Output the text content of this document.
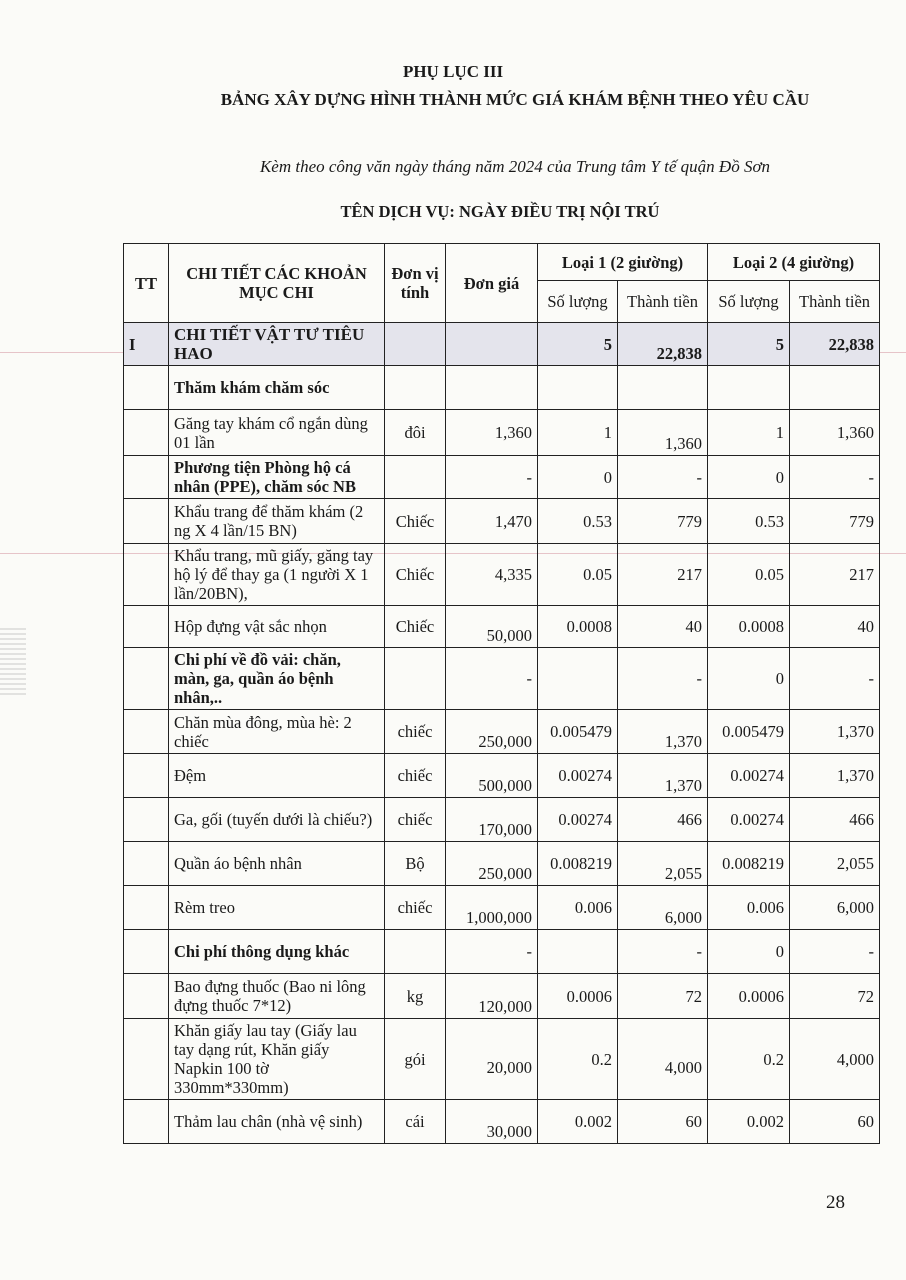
PHỤ LỤC III
BẢNG XÂY DỰNG HÌNH THÀNH MỨC GIÁ KHÁM BỆNH THEO YÊU CẦU
Kèm theo công văn ngày tháng năm 2024 của Trung tâm Y tế quận Đồ Sơn
TÊN DỊCH VỤ: NGÀY ĐIỀU TRỊ NỘI TRÚ
TT	CHI TIẾT CÁC KHOẢN MỤC CHI	Đơn vị tính	Đơn giá	Loại 1 (2 giường)		Loại 2 (4 giường)	
				Số lượng	Thành tiền	Số lượng	Thành tiền
I	CHI TIẾT VẬT TƯ TIÊU HAO			5	22,838	5	22,838
	Thăm khám chăm sóc						
	Găng tay khám cổ ngắn dùng 01 lần	đôi	1,360	1	1,360	1	1,360
	Phương tiện Phòng hộ cá nhân (PPE), chăm sóc NB		-	0	-	0	-
	Khẩu trang để thăm khám (2 ng X 4 lần/15 BN)	Chiếc	1,470	0.53	779	0.53	779
	Khẩu trang, mũ giấy, găng tay hộ lý để thay ga (1 người X 1 lần/20BN),	Chiếc	4,335	0.05	217	0.05	217
	Hộp đựng vật sắc nhọn	Chiếc	50,000	0.0008	40	0.0008	40
	Chi phí về đồ vải: chăn, màn, ga, quần áo bệnh nhân,..		-		-	0	-
	Chăn mùa đông, mùa hè: 2 chiếc	chiếc	250,000	0.005479	1,370	0.005479	1,370
	Đệm	chiếc	500,000	0.00274	1,370	0.00274	1,370
	Ga, gối (tuyến dưới là chiếu?)	chiếc	170,000	0.00274	466	0.00274	466
	Quần áo bệnh nhân	Bộ	250,000	0.008219	2,055	0.008219	2,055
	Rèm treo	chiếc	1,000,000	0.006	6,000	0.006	6,000
	Chi phí thông dụng khác		-		-	0	-
	Bao đựng thuốc (Bao ni lông đựng thuốc 7*12)	kg	120,000	0.0006	72	0.0006	72
	Khăn giấy lau tay (Giấy lau tay dạng rút, Khăn giấy Napkin 100 tờ 330mm*330mm)	gói	20,000	0.2	4,000	0.2	4,000
	Thảm lau chân (nhà vệ sinh)	cái	30,000	0.002	60	0.002	60
28
